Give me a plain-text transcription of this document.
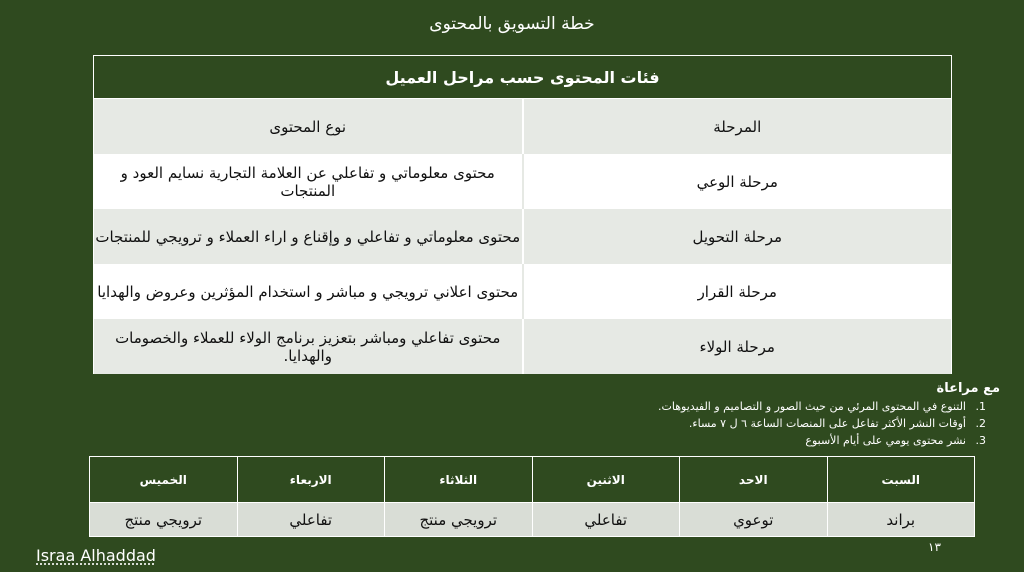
خطة التسويق بالمحتوى
فئات المحتوى حسب مراحل العميل	
المرحلة	نوع المحتوى
مرحلة الوعي	محتوى معلوماتي و تفاعلي عن العلامة التجارية نسايم العود و المنتجات
مرحلة التحويل	محتوى معلوماتي و تفاعلي و وإقناع و اراء العملاء و ترويجي للمنتجات
مرحلة القرار	محتوى اعلاني ترويجي و مباشر و استخدام المؤثرين وعروض والهدايا
مرحلة الولاء	محتوى تفاعلي ومباشر بتعزيز برنامج الولاء للعملاء والخصومات والهدايا.
مع مراعاة
1. التنوع في المحتوى المرئي من حيث الصور و التصاميم و الفيديوهات.
2. أوقات النشر الأكثر تفاعل على المنصات الساعة ٦ ل ٧ مساء.
3. نشر محتوى يومي على أيام الأسبوع
السبت	الاحد	الاثنين	الثلاثاء	الاربعاء	الخميس
براند	توعوي	تفاعلي	ترويجي منتج	تفاعلي	ترويجي منتج
١٣
Israa Alhaddad
